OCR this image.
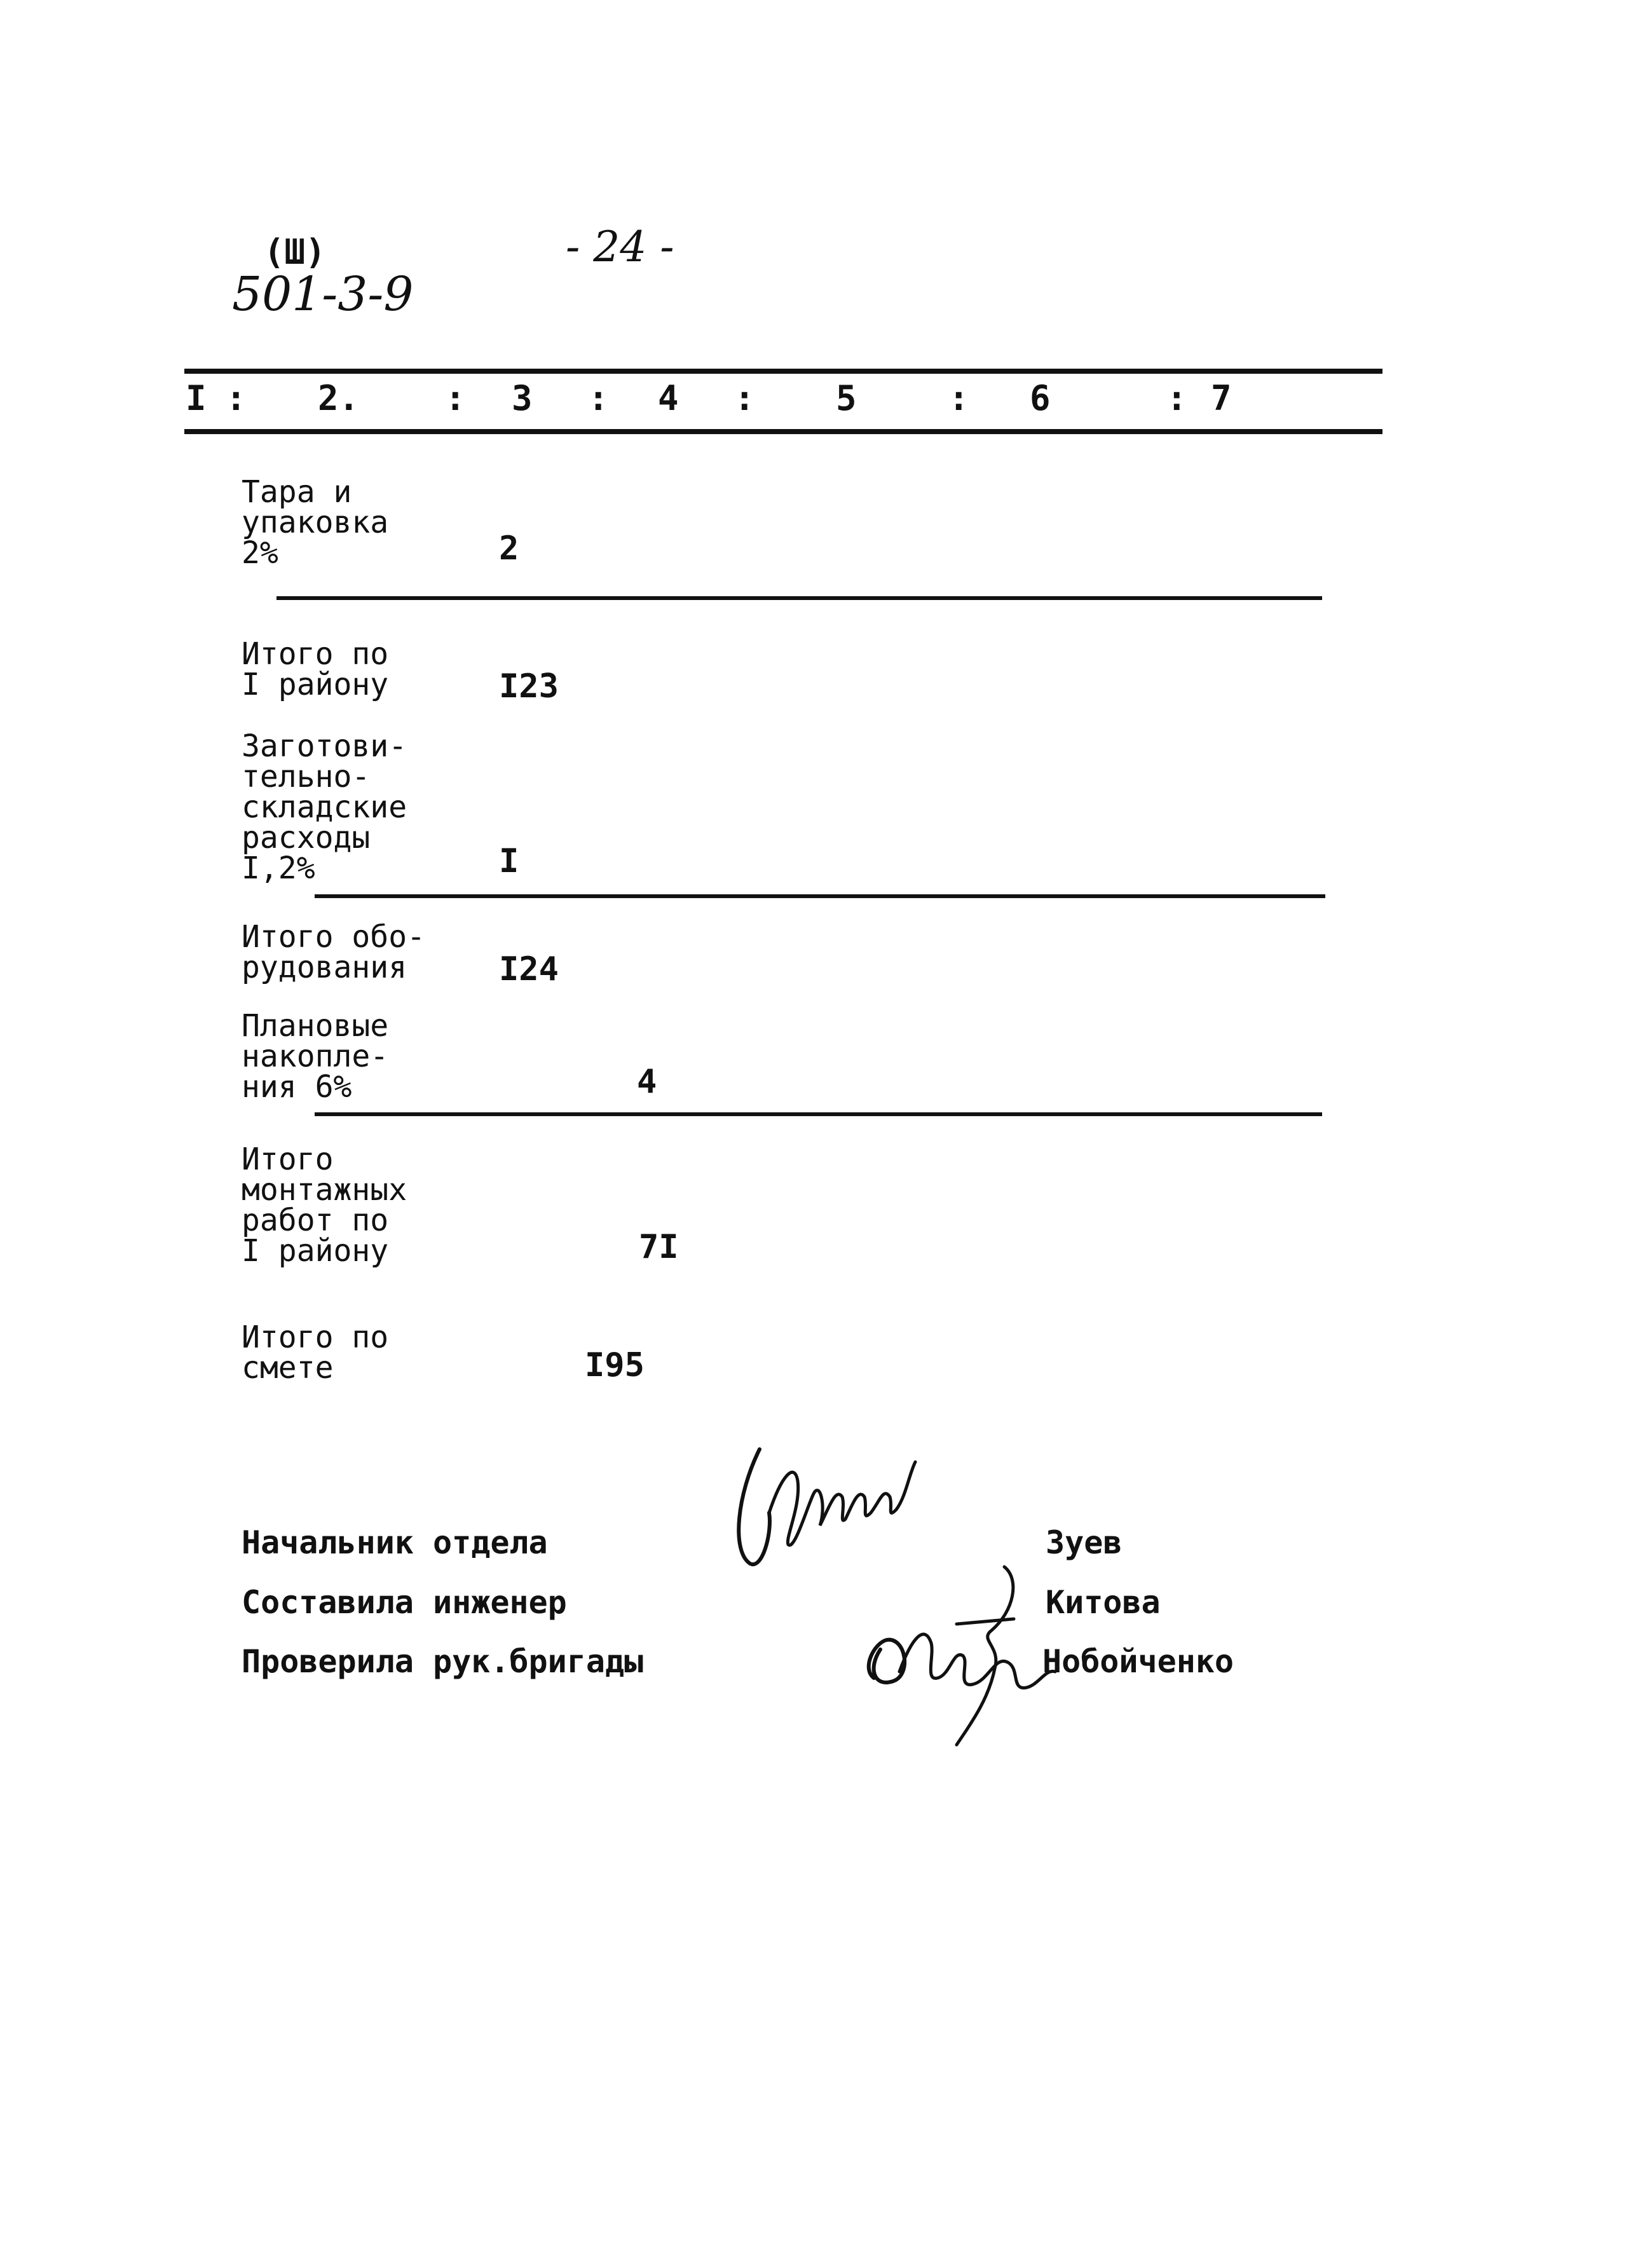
(Ш)
501-3-9
- 24 -
I : 2. : 3 : 4 : 5	: 6	: 7
Тара и
упаковка
2%	2
Итого по
I району	I23
Заготови-
тельно-
складские
расходы
I,2%	I
Итого обо-
рудования	I24
Плановые
накопле-
ния 6%	4
Итого
монтажных
работ по
I району	7I
Итого по
смете	I95
Начальник отдела	Зуев
Составила инженер	Китова
Проверила рук.бригады	Нобойченко
